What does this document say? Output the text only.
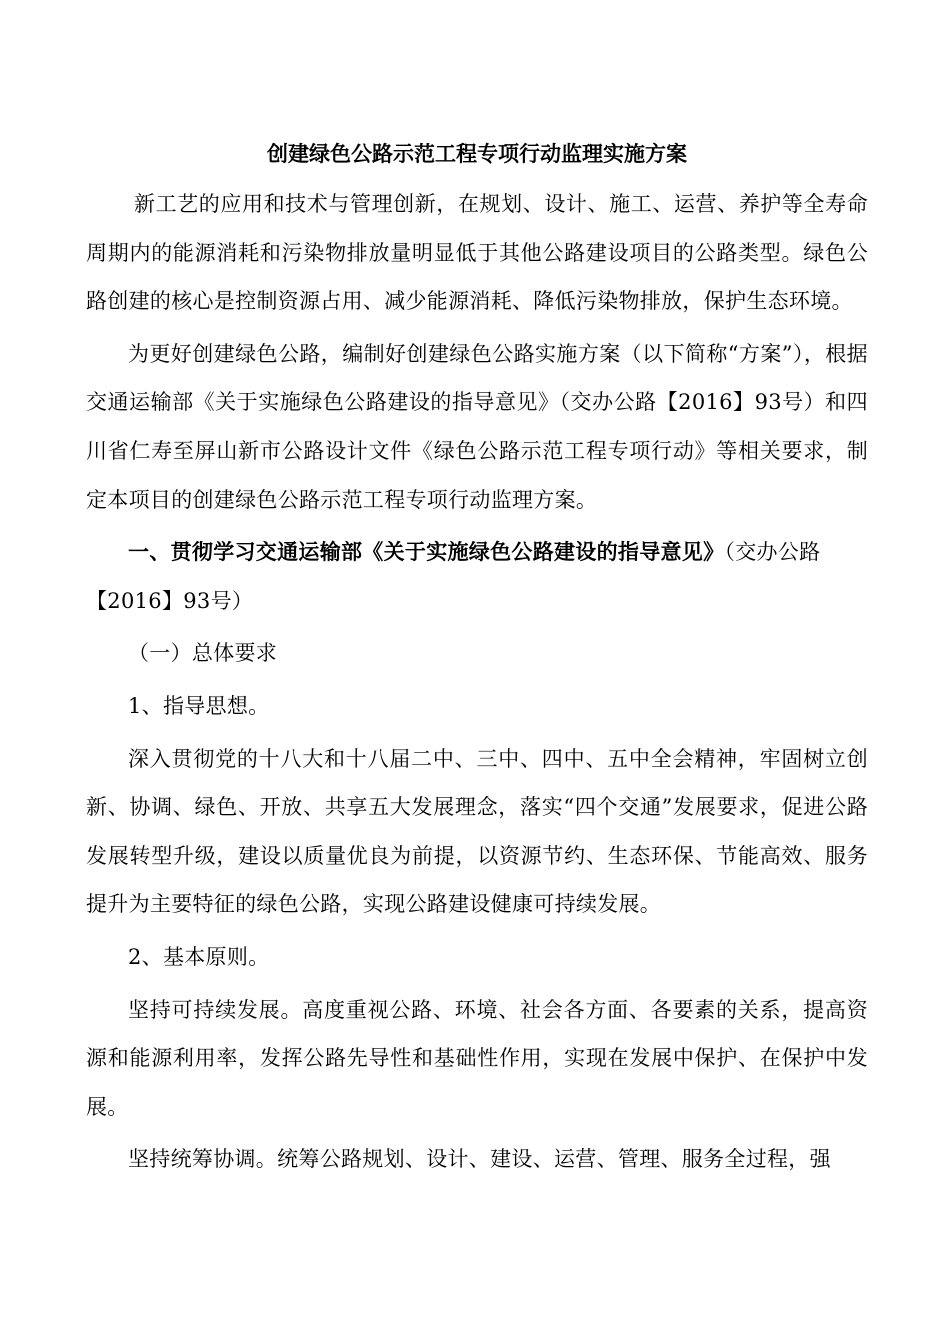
创建绿色公路示范工程专项行动监理实施方案

新工艺的应用和技术与管理创新，在规划、设计、施工、运营、养护等全寿命周期内的能源消耗和污染物排放量明显低于其他公路建设项目的公路类型。绿色公路创建的核心是控制资源占用、减少能源消耗、降低污染物排放，保护生态环境。

为更好创建绿色公路，编制好创建绿色公路实施方案（以下简称“方案”），根据交通运输部《关于实施绿色公路建设的指导意见》（交办公路【2016】93号）和四川省仁寿至屏山新市公路设计文件《绿色公路示范工程专项行动》等相关要求，制定本项目的创建绿色公路示范工程专项行动监理方案。

一、贯彻学习交通运输部《关于实施绿色公路建设的指导意见》（交办公路【2016】93号）

（一）总体要求

1、指导思想。

深入贯彻党的十八大和十八届二中、三中、四中、五中全会精神，牢固树立创新、协调、绿色、开放、共享五大发展理念，落实“四个交通”发展要求，促进公路发展转型升级，建设以质量优良为前提，以资源节约、生态环保、节能高效、服务提升为主要特征的绿色公路，实现公路建设健康可持续发展。

2、基本原则。

坚持可持续发展。高度重视公路、环境、社会各方面、各要素的关系，提高资源和能源利用率，发挥公路先导性和基础性作用，实现在发展中保护、在保护中发展。

坚持统筹协调。统筹公路规划、设计、建设、运营、管理、服务全过程，强
